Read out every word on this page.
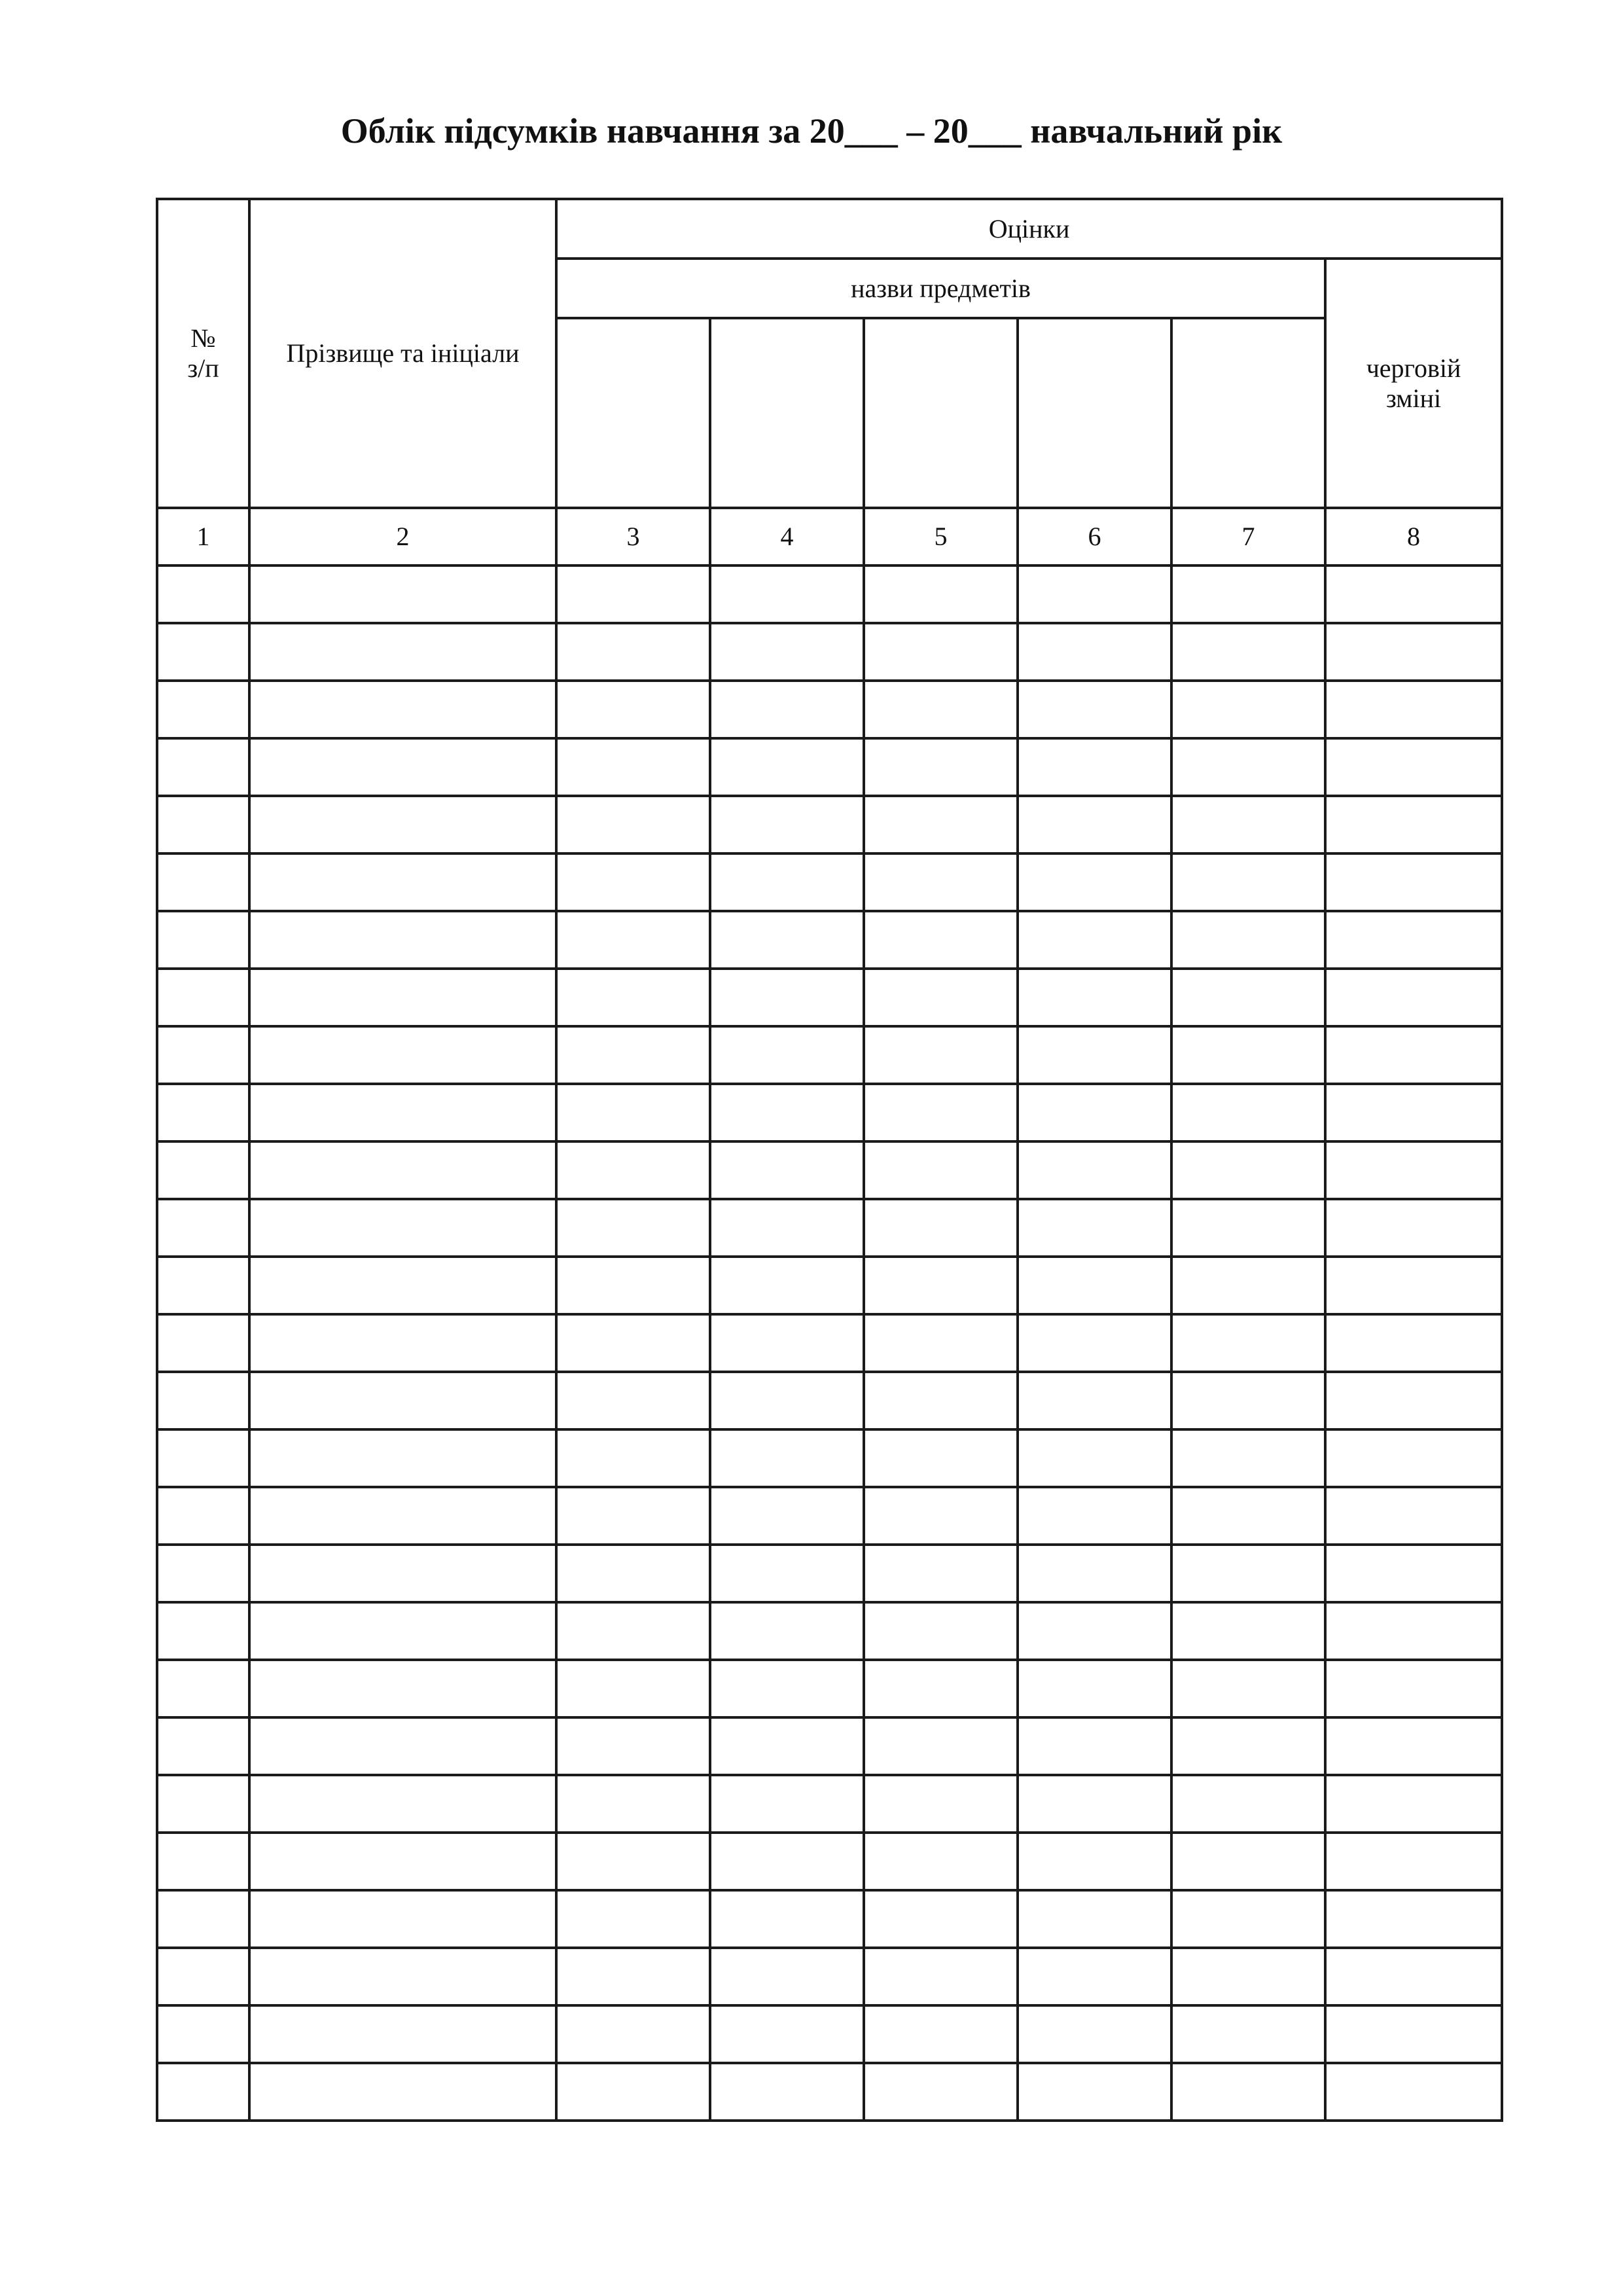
Облік підсумків навчання за 20___ – 20___ навчальний рік
№
з/п	Прізвище та ініціали	Оцінки					
		назви предметів					черговій
зміні

1	2	3	4	5	6	7	8
